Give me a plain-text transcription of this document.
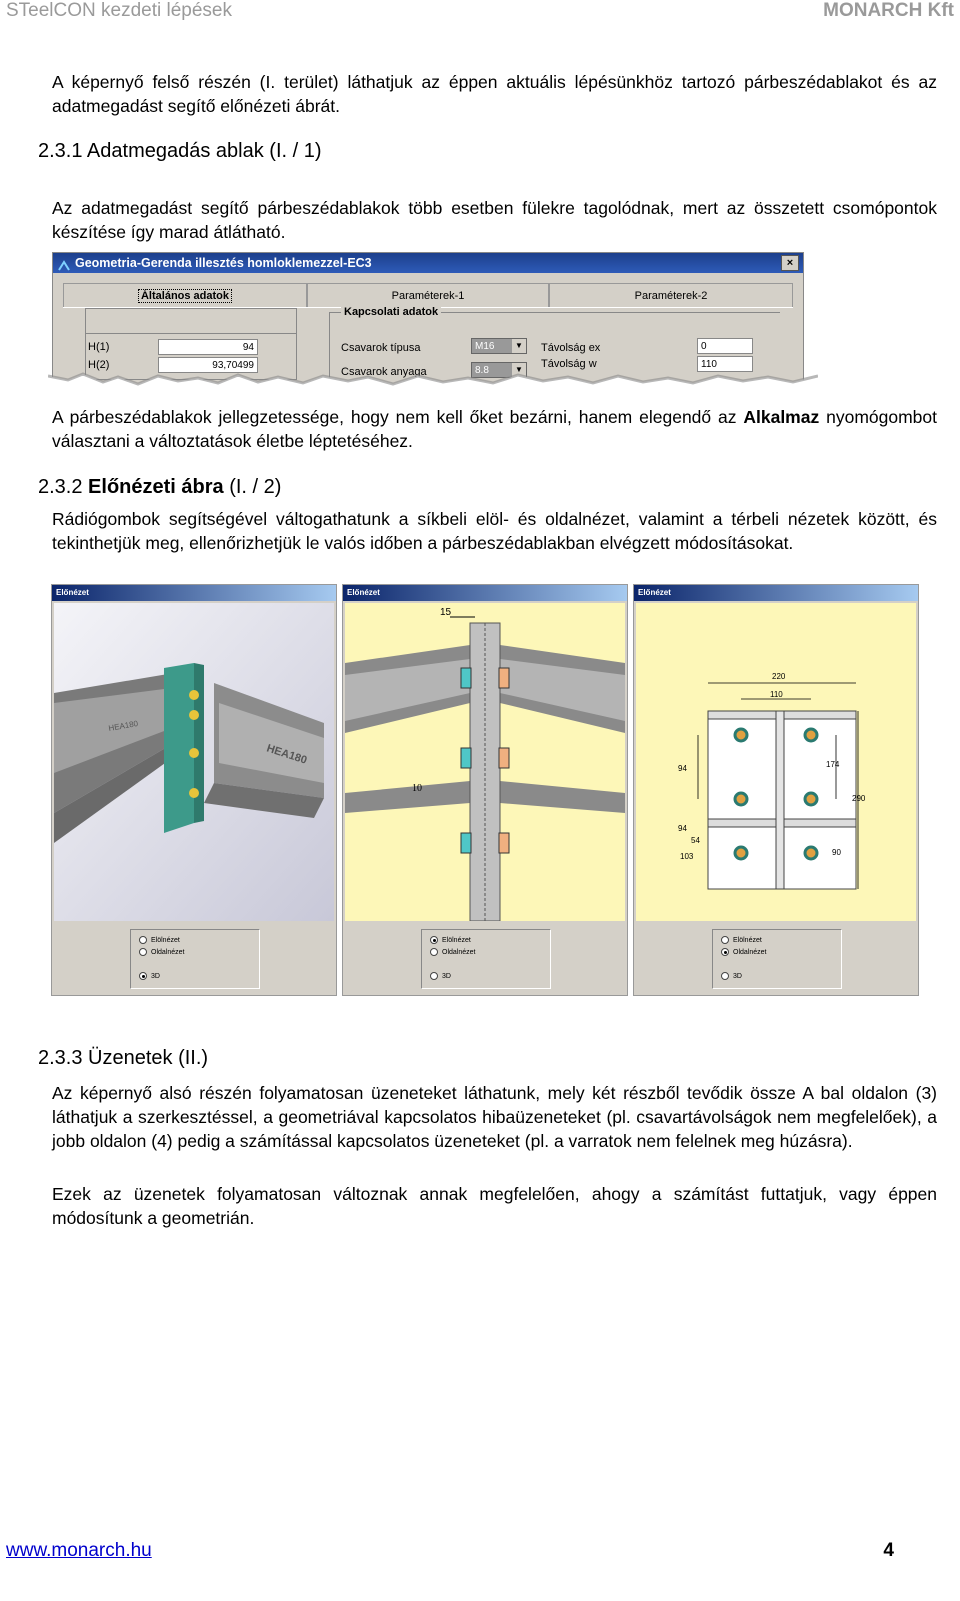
STeelCON kezdeti lépések	MONARCH Kft
A képernyő felső részén (I. terület) láthatjuk az éppen aktuális lépésünkhöz tartozó párbeszédablakot és az adatmegadást segítő előnézeti ábrát.
2.3.1 Adatmegadás ablak (I. / 1)
Az adatmegadást segítő párbeszédablakok több esetben fülekre tagolódnak, mert az összetett csomópontok készítése így marad átlátható.
Geometria-Gerenda illesztés homloklemezzel-EC3	×
Általános adatok	Paraméterek-1	Paraméterek-2
H(1)	94
H(2)	93,70499
Kapcsolati adatok
Csavarok típusa	M16	▼
Csavarok anyaga	8.8	▼
Távolság ex	0
Távolság w	110
A párbeszédablakok jellegzetessége, hogy nem kell őket bezárni, hanem elegendő az Alkalmaz nyomógombot választani a változtatások életbe léptetéséhez.
2.3.2 Előnézeti ábra (I. / 2)
Rádiógombok segítségével váltogathatunk a síkbeli elöl- és oldalnézet, valamint a térbeli nézetek között, és tekinthetjük meg, ellenőrizhetjük le valós időben a párbeszédablakban elvégzett módosításokat.
Előnézet
HEA180
HEA180
Elölnézet
Oldalnézet
3D
Előnézet
15
10
Elölnézet
Oldalnézet
3D
Előnézet
220
110
94	174
290
94
54
103	90
Elölnézet
Oldalnézet
3D
2.3.3 Üzenetek (II.)
Az képernyő alsó részén folyamatosan üzeneteket láthatunk, mely két részből tevődik össze A bal oldalon (3) láthatjuk a szerkesztéssel, a geometriával kapcsolatos hibaüzeneteket (pl. csavartávolságok nem megfelelőek), a jobb oldalon (4) pedig a számítással kapcsolatos üzeneteket (pl. a varratok nem felelnek meg húzásra).
Ezek az üzenetek folyamatosan változnak annak megfelelően, ahogy a számítást futtatjuk, vagy éppen módosítunk a geometrián.
www.monarch.hu	4
